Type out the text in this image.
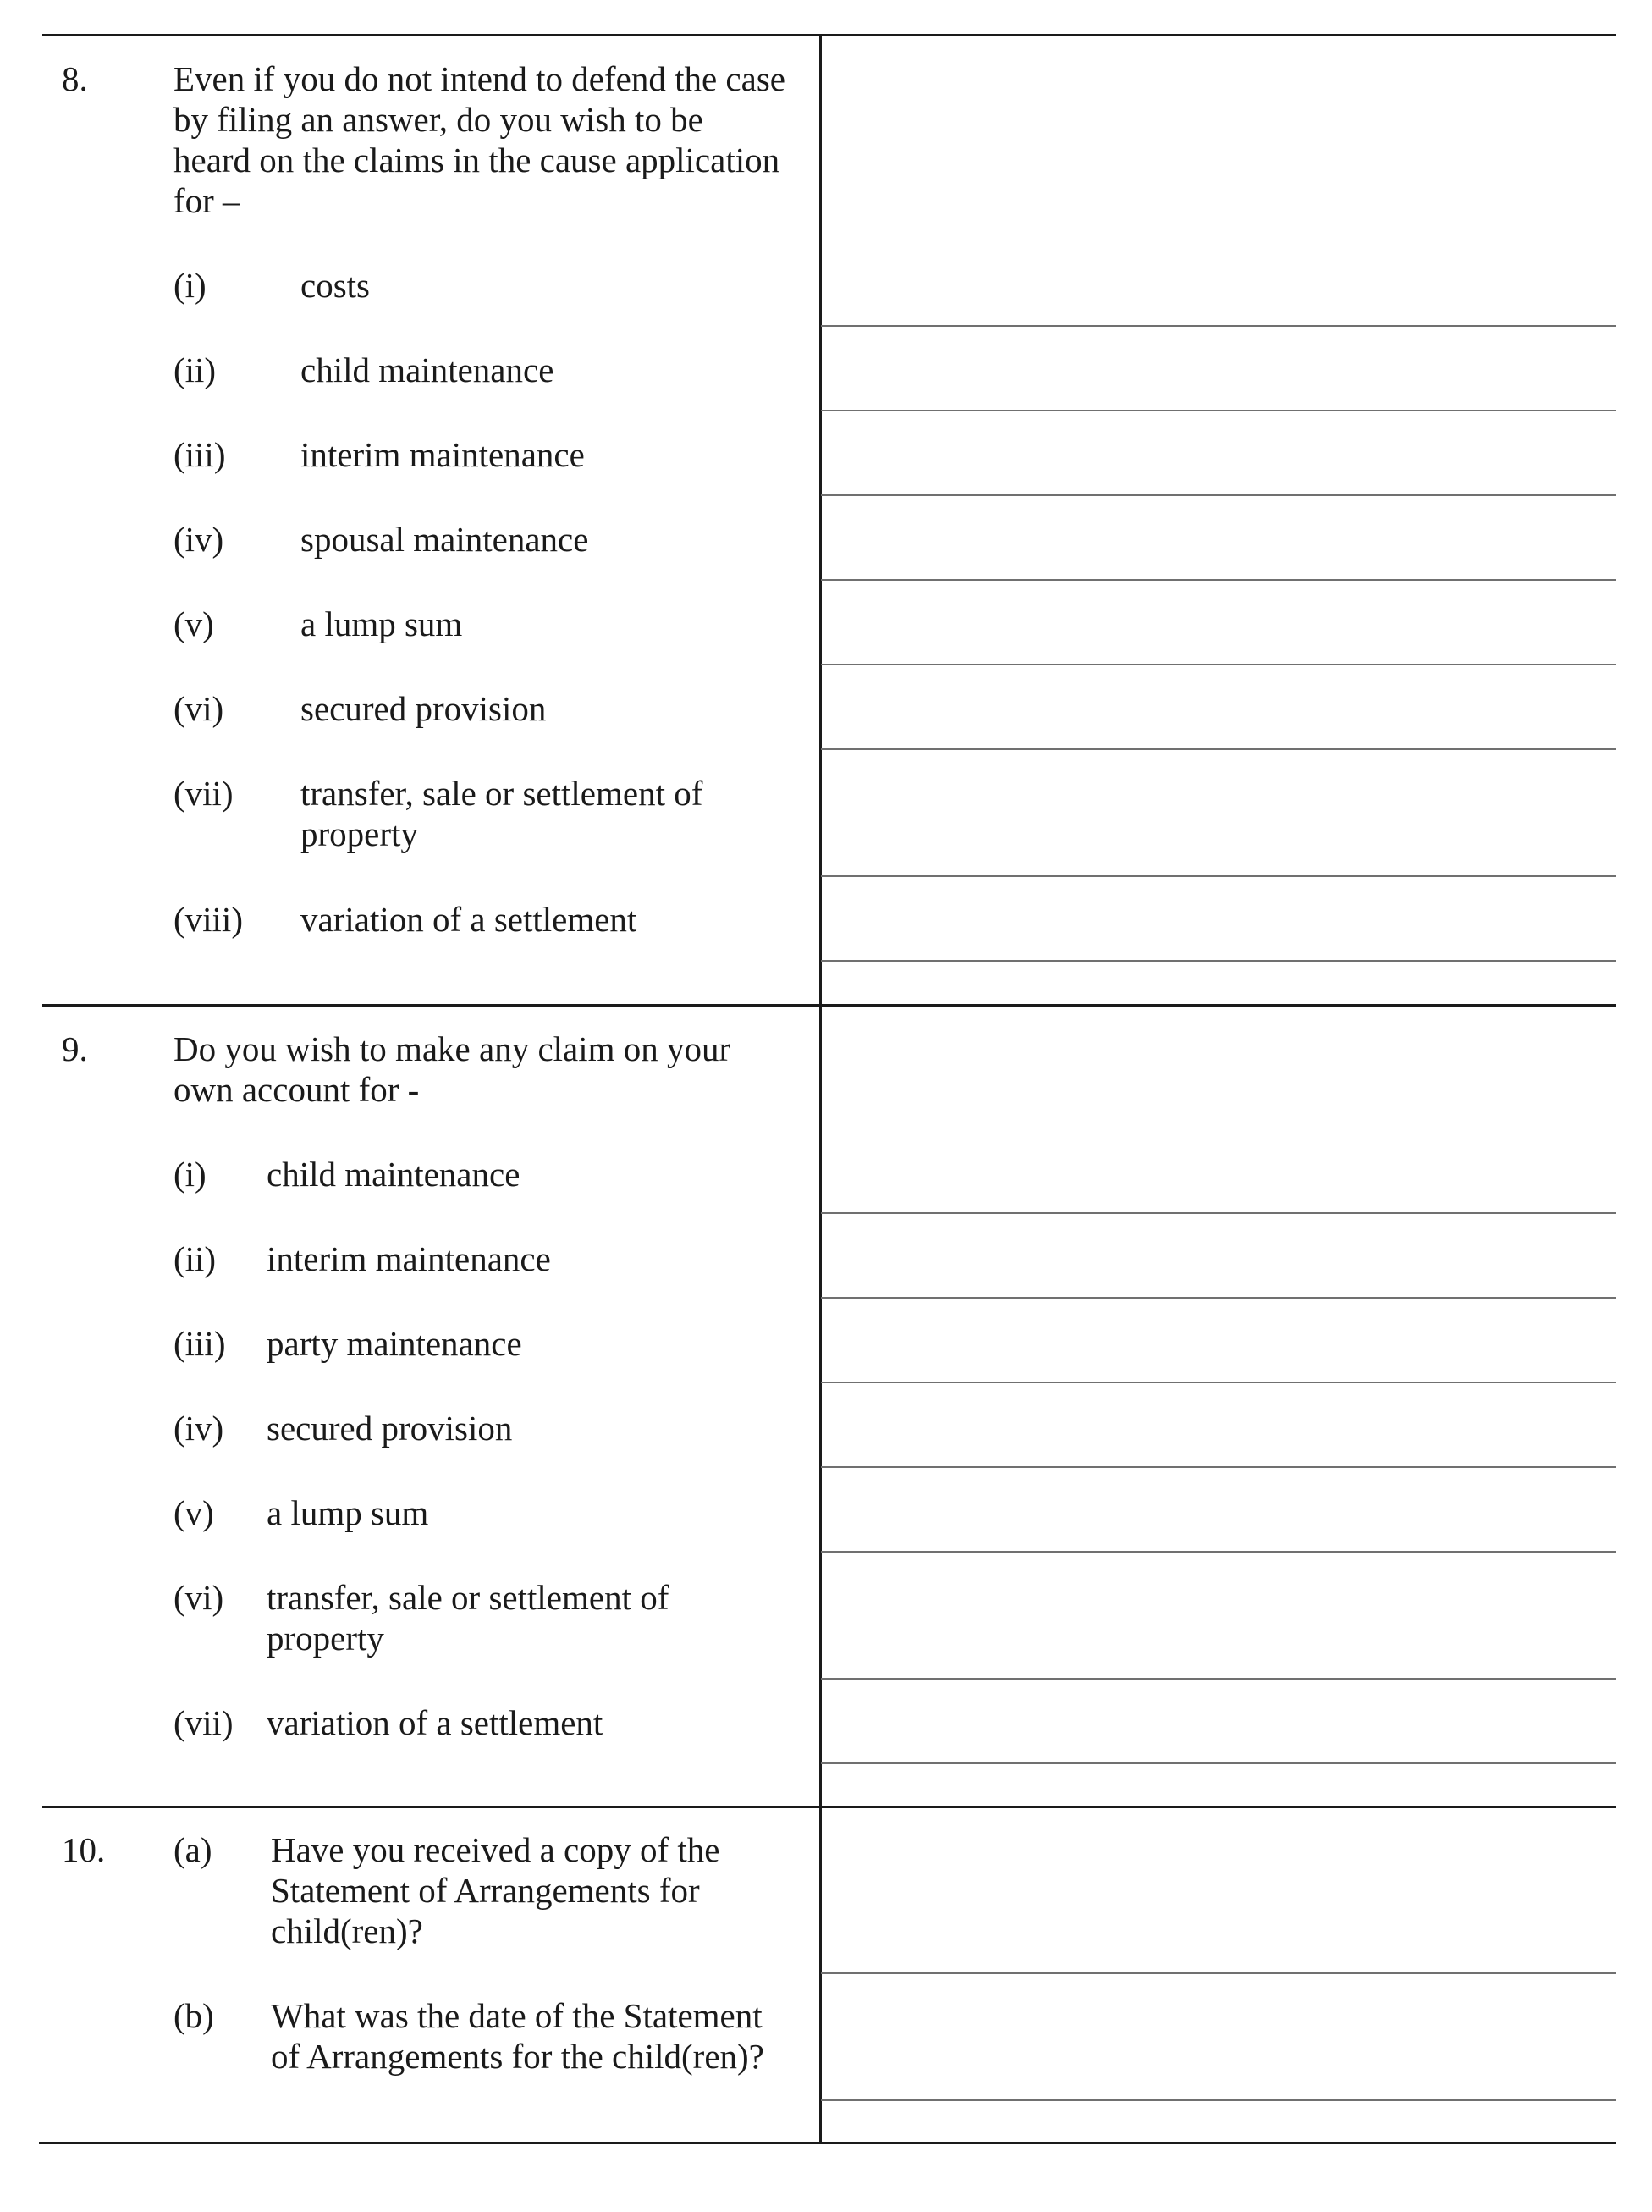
8. Even if you do not intend to defend the case
by filing an answer, do you wish to be
heard on the claims in the cause application
for –
(i)	costs
(ii) child maintenance
(iii) interim maintenance
(iv) spousal maintenance
(v) a lump sum
(vi) secured provision
(vii) transfer, sale or settlement of
property
(viii) variation of a settlement
9. Do you wish to make any claim on your
own account for -
(i) child maintenance
(ii) interim maintenance
(iii) party maintenance
(iv) secured provision
(v) a lump sum
(vi) transfer, sale or settlement of
property
(vii) variation of a settlement
10. (a) Have you received a copy of the
Statement of Arrangements for
child(ren)?
(b) What was the date of the Statement
of Arrangements for the child(ren)?
